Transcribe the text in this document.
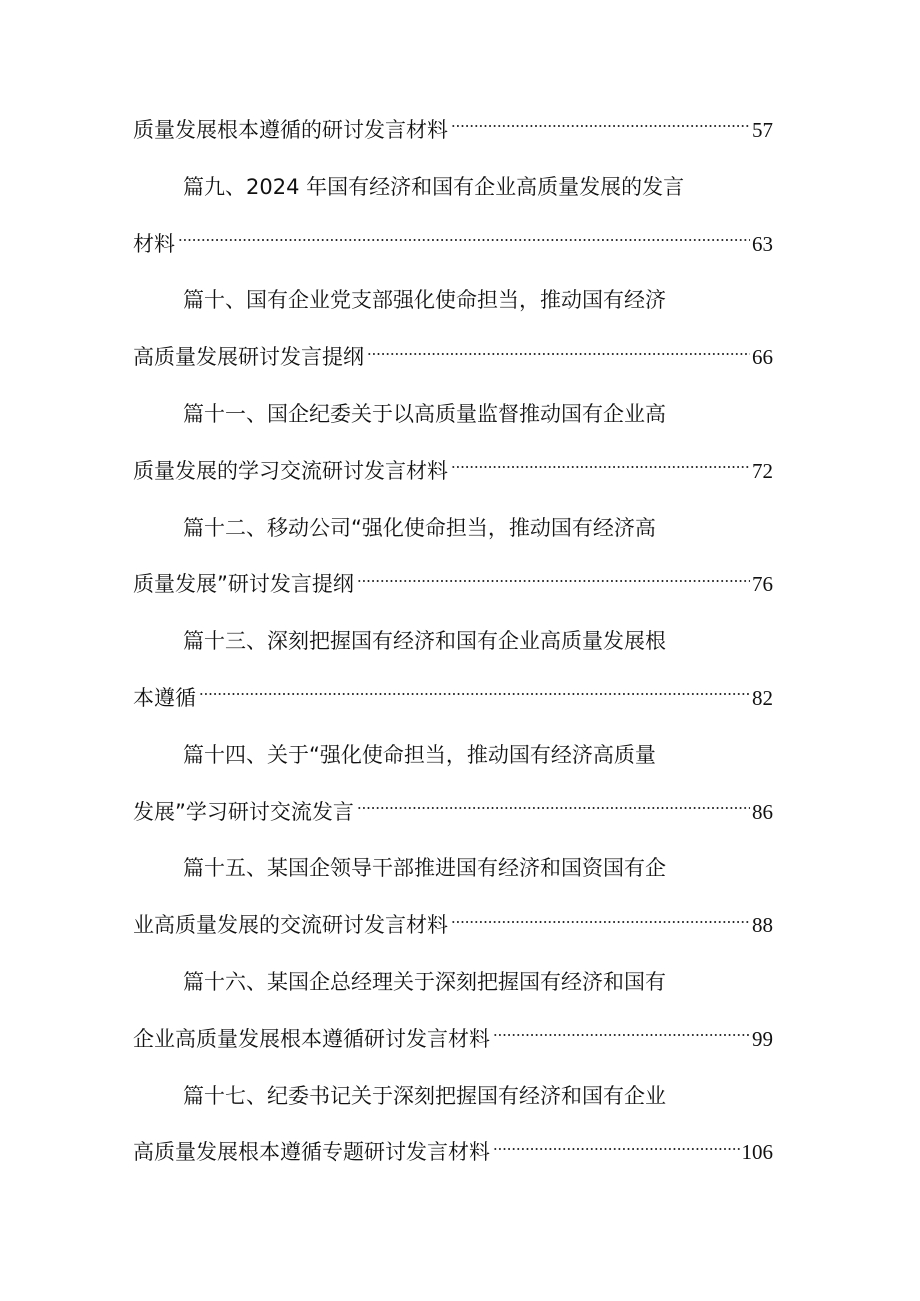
质量发展根本遵循的研讨发言材料	57
篇九、2024 年国有经济和国有企业高质量发展的发言
材料	63
篇十、国有企业党支部强化使命担当，推动国有经济
高质量发展研讨发言提纲	66
篇十一、国企纪委关于以高质量监督推动国有企业高
质量发展的学习交流研讨发言材料	72
篇十二、移动公司“强化使命担当，推动国有经济高
质量发展”研讨发言提纲	76
篇十三、深刻把握国有经济和国有企业高质量发展根
本遵循	82
篇十四、关于“强化使命担当，推动国有经济高质量
发展”学习研讨交流发言	86
篇十五、某国企领导干部推进国有经济和国资国有企
业高质量发展的交流研讨发言材料	88
篇十六、某国企总经理关于深刻把握国有经济和国有
企业高质量发展根本遵循研讨发言材料	99
篇十七、纪委书记关于深刻把握国有经济和国有企业
高质量发展根本遵循专题研讨发言材料	106
